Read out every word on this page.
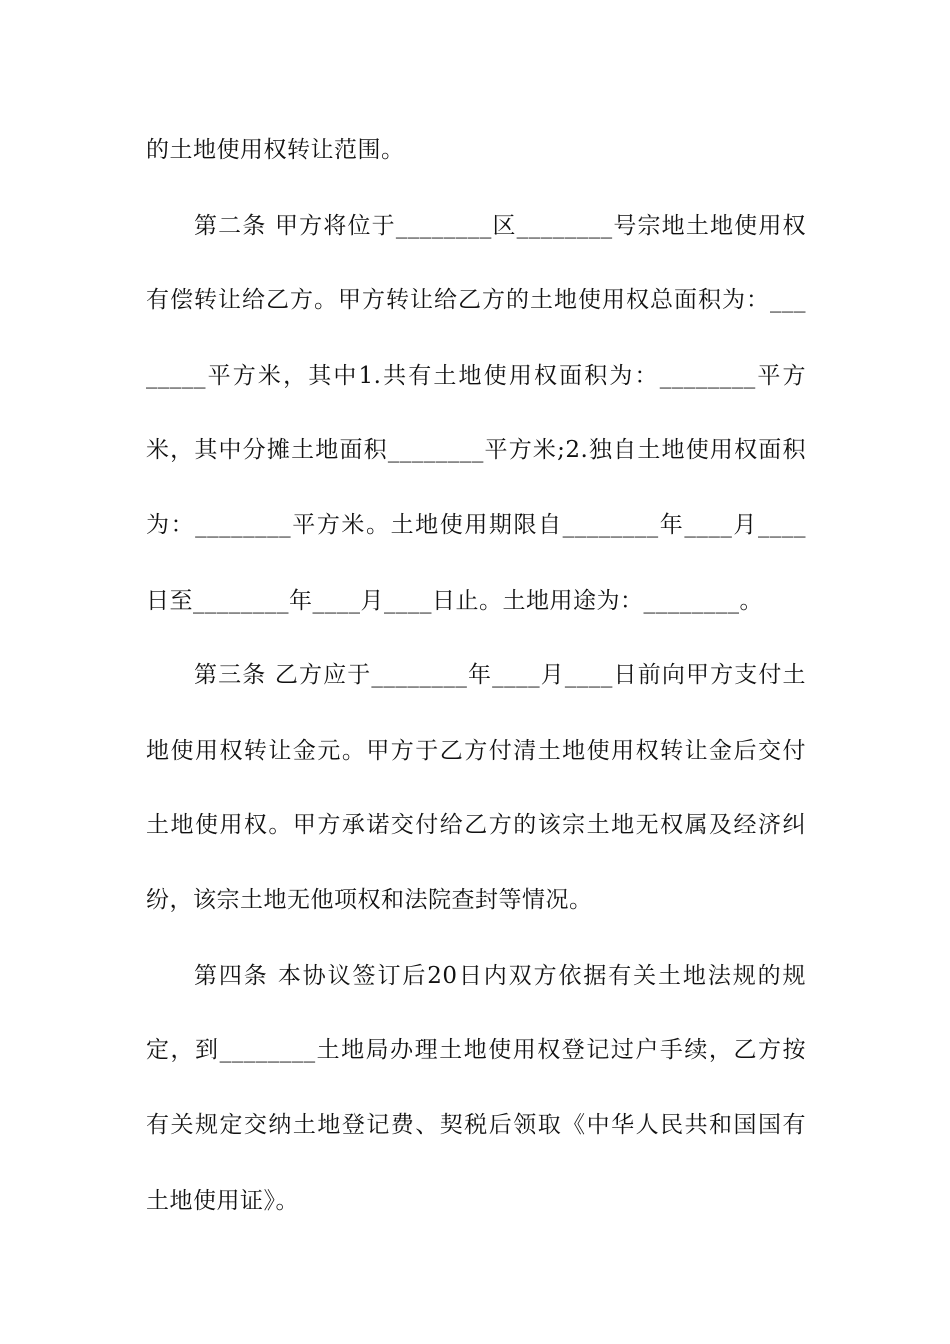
的土地使用权转让范围。
第二条 甲方将位于________区________号宗地土地使用权
有偿转让给乙方。甲方转让给乙方的土地使用权总面积为：___
_____平方米，其中1.共有土地使用权面积为：________平方
米，其中分摊土地面积________平方米;2.独自土地使用权面积
为：________平方米。土地使用期限自________年____月____
日至________年____月____日止。土地用途为：________。
第三条 乙方应于________年____月____日前向甲方支付土
地使用权转让金元。甲方于乙方付清土地使用权转让金后交付
土地使用权。甲方承诺交付给乙方的该宗土地无权属及经济纠
纷，该宗土地无他项权和法院查封等情况。
第四条 本协议签订后20日内双方依据有关土地法规的规
定，到________土地局办理土地使用权登记过户手续，乙方按
有关规定交纳土地登记费、契税后领取《中华人民共和国国有
土地使用证》。
